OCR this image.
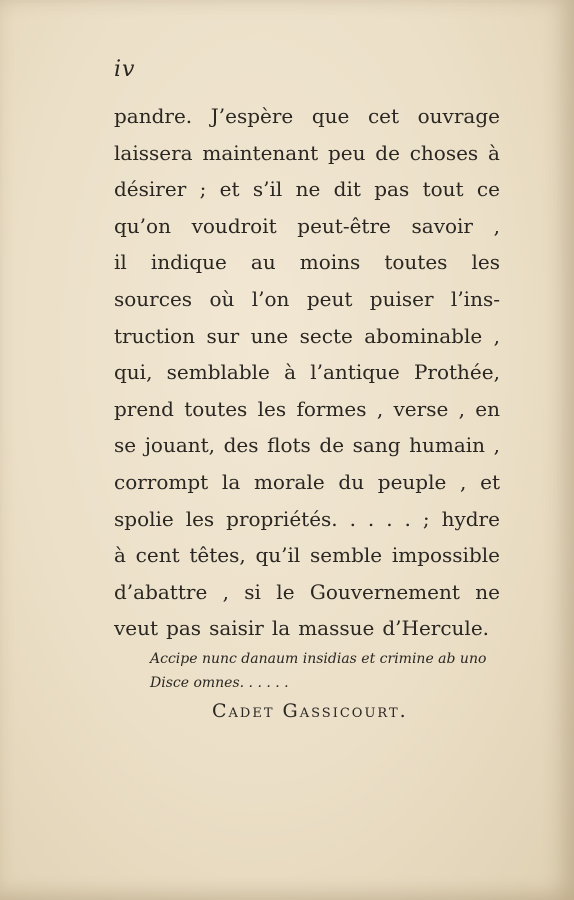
iv
pandre. J’espère que cet ouvrage
laissera maintenant peu de choses à
désirer ; et s’il ne dit pas tout ce
qu’on voudroit peut-être savoir ,
il indique au moins toutes les
sources où l’on peut puiser l’ins-
truction sur une secte abominable ,
qui, semblable à l’antique Prothée,
prend toutes les formes , verse , en
se jouant, des flots de sang humain ,
corrompt la morale du peuple , et
spolie les propriétés. . . . . ; hydre
à cent têtes, qu’il semble impossible
d’abattre , si le Gouvernement ne
veut pas saisir la massue d’Hercule.
Accipe nunc danaum insidias et crimine ab uno
Disce omnes. . . . . .
Cadet Gassicourt.
